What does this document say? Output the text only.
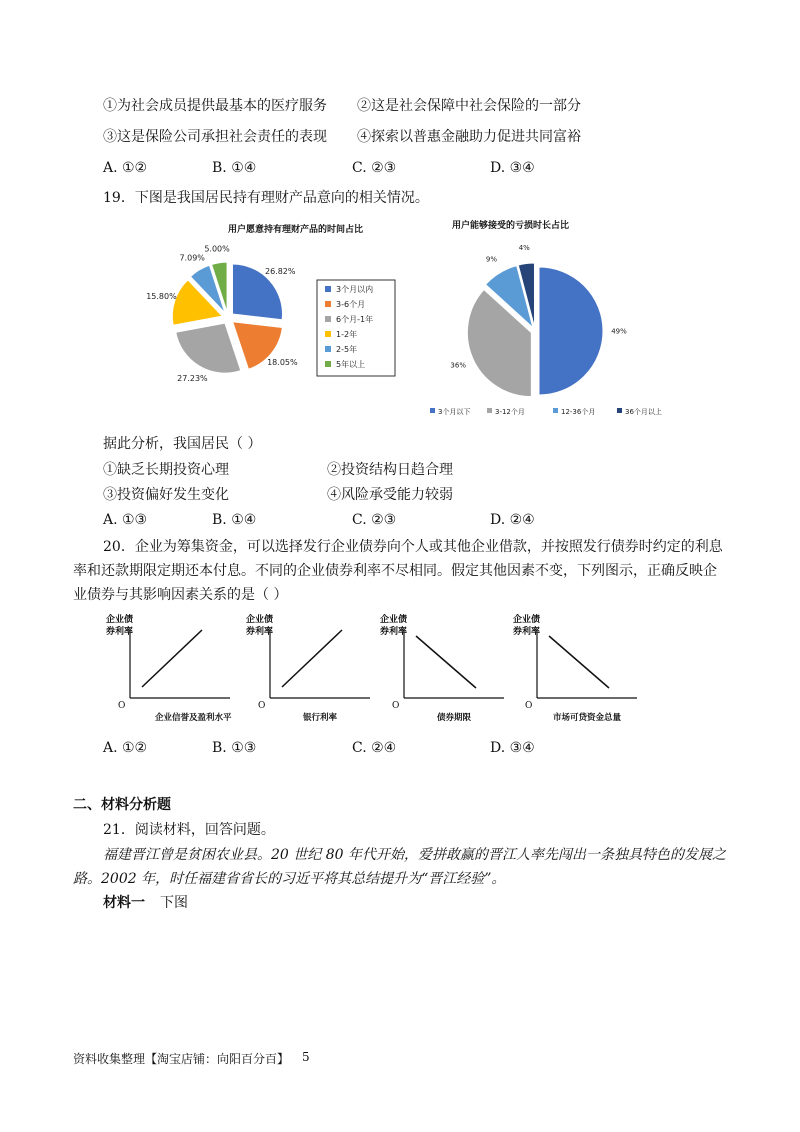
①为社会成员提供最基本的医疗服务 ②这是社会保障中社会保险的一部分
③这是保险公司承担社会责任的表现 ④探索以普惠金融助力促进共同富裕
A. ①②	B. ①④	C. ②③	D. ③④
19．下图是我国居民持有理财产品意向的相关情况。
用户愿意持有理财产品的时间占比	用户能够接受的亏损时长占比
26.82%
18.05%
27.23%
15.80%
7.09%
5.00%
3个月以内
3-6个月
6个月-1年
1-2年
2-5年
5年以上
49%
36%
9%
4%
3个月以下	3-12个月	12-36个月	36个月以上
据此分析，我国居民（ ）
①缺乏长期投资心理	②投资结构日趋合理
③投资偏好发生变化	④风险承受能力较弱
A. ①③	B. ①④	C. ②③	D. ②④
20．企业为筹集资金，可以选择发行企业债券向个人或其他企业借款，并按照发行债券时约定的利息
率和还款期限定期还本付息。不同的企业债券利率不尽相同。假定其他因素不变，下列图示，正确反映企
业债券与其影响因素关系的是（ ）
企业债
券利率
O
企业信誉及盈利水平
企业债
券利率
O
银行利率
企业债
券利率
O
债券期限
企业债
券利率
O
市场可贷资金总量
A. ①②	B. ①③	C. ②④	D. ③④
二、材料分析题
21．阅读材料，回答问题。
福建晋江曾是贫困农业县。20 世纪 80 年代开始，爱拼敢赢的晋江人率先闯出一条独具特色的发展之
路。2002 年，时任福建省省长的习近平将其总结提升为“晋江经验”。
材料一 下图
资料收集整理【淘宝店铺：向阳百分百】 5
